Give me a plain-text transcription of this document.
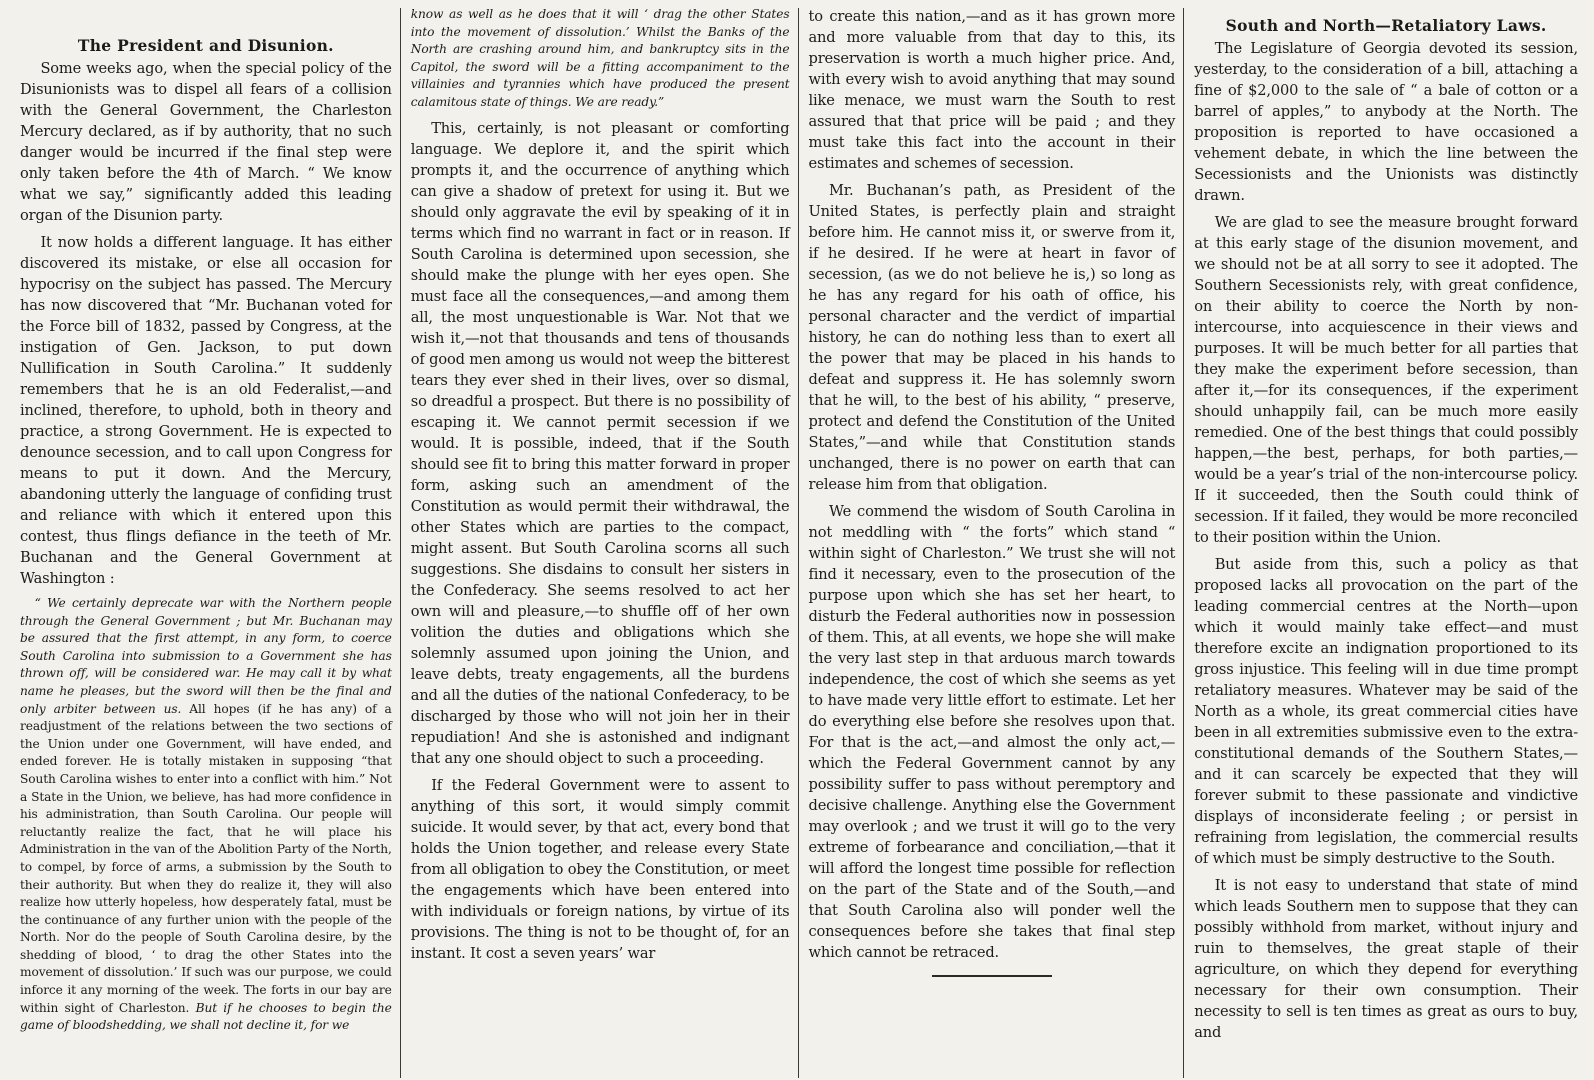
The President and Disunion.

Some weeks ago, when the special policy of the Disunionists was to dispel all fears of a collision with the General Government, the Charleston Mercury declared, as if by authority, that no such danger would be incurred if the final step were only taken before the 4th of March. “ We know what we say,” significantly added this leading organ of the Disunion party.

It now holds a different language. It has either discovered its mistake, or else all occasion for hypocrisy on the subject has passed. The Mercury has now discovered that “Mr. Buchanan voted for the Force bill of 1832, passed by Congress, at the instigation of Gen. Jackson, to put down Nullification in South Carolina.” It suddenly remembers that he is an old Federalist,—and inclined, therefore, to uphold, both in theory and practice, a strong Government. He is expected to denounce secession, and to call upon Congress for means to put it down. And the Mercury, abandoning utterly the language of confiding trust and reliance with which it entered upon this contest, thus flings defiance in the teeth of Mr. Buchanan and the General Government at Washington :

“ We certainly deprecate war with the Northern people through the General Government ; but Mr. Buchanan may be assured that the first attempt, in any form, to coerce South Carolina into submission to a Government she has thrown off, will be considered war. He may call it by what name he pleases, but the sword will then be the final and only arbiter between us. All hopes (if he has any) of a readjustment of the relations between the two sections of the Union under one Government, will have ended, and ended forever. He is totally mistaken in supposing “that South Carolina wishes to enter into a conflict with him.” Not a State in the Union, we believe, has had more confidence in his administration, than South Carolina. Our people will reluctantly realize the fact, that he will place his Administration in the van of the Abolition Party of the North, to compel, by force of arms, a submission by the South to their authority. But when they do realize it, they will also realize how utterly hopeless, how desperately fatal, must be the continuance of any further union with the people of the North. Nor do the people of South Carolina desire, by the shedding of blood, ‘ to drag the other States into the movement of dissolution.’ If such was our purpose, we could inforce it any morning of the week. The forts in our bay are within sight of Charleston. But if he chooses to begin the game of bloodshedding, we shall not decline it, for we

know as well as he does that it will ‘ drag the other States into the movement of dissolution.’ Whilst the Banks of the North are crashing around him, and bankruptcy sits in the Capitol, the sword will be a fitting accompaniment to the villainies and tyrannies which have produced the present calamitous state of things. We are ready.”

This, certainly, is not pleasant or comforting language. We deplore it, and the spirit which prompts it, and the occurrence of anything which can give a shadow of pretext for using it. But we should only aggravate the evil by speaking of it in terms which find no warrant in fact or in reason. If South Carolina is determined upon secession, she should make the plunge with her eyes open. She must face all the consequences,—and among them all, the most unquestionable is War. Not that we wish it,—not that thousands and tens of thousands of good men among us would not weep the bitterest tears they ever shed in their lives, over so dismal, so dreadful a prospect. But there is no possibility of escaping it. We cannot permit secession if we would. It is possible, indeed, that if the South should see fit to bring this matter forward in proper form, asking such an amendment of the Constitution as would permit their withdrawal, the other States which are parties to the compact, might assent. But South Carolina scorns all such suggestions. She disdains to consult her sisters in the Confederacy. She seems resolved to act her own will and pleasure,—to shuffle off of her own volition the duties and obligations which she solemnly assumed upon joining the Union, and leave debts, treaty engagements, all the burdens and all the duties of the national Confederacy, to be discharged by those who will not join her in their repudiation! And she is astonished and indignant that any one should object to such a proceeding.

If the Federal Government were to assent to anything of this sort, it would simply commit suicide. It would sever, by that act, every bond that holds the Union together, and release every State from all obligation to obey the Constitution, or meet the engagements which have been entered into with individuals or foreign nations, by virtue of its provisions. The thing is not to be thought of, for an instant. It cost a seven years’ war

to create this nation,—and as it has grown more and more valuable from that day to this, its preservation is worth a much higher price. And, with every wish to avoid anything that may sound like menace, we must warn the South to rest assured that that price will be paid ; and they must take this fact into the account in their estimates and schemes of secession.

Mr. Buchanan’s path, as President of the United States, is perfectly plain and straight before him. He cannot miss it, or swerve from it, if he desired. If he were at heart in favor of secession, (as we do not believe he is,) so long as he has any regard for his oath of office, his personal character and the verdict of impartial history, he can do nothing less than to exert all the power that may be placed in his hands to defeat and suppress it. He has solemnly sworn that he will, to the best of his ability, “ preserve, protect and defend the Constitution of the United States,”—and while that Constitution stands unchanged, there is no power on earth that can release him from that obligation.

We commend the wisdom of South Carolina in not meddling with “ the forts” which stand “ within sight of Charleston.” We trust she will not find it necessary, even to the prosecution of the purpose upon which she has set her heart, to disturb the Federal authorities now in possession of them. This, at all events, we hope she will make the very last step in that arduous march towards independence, the cost of which she seems as yet to have made very little effort to estimate. Let her do everything else before she resolves upon that. For that is the act,—and almost the only act,—which the Federal Government cannot by any possibility suffer to pass without peremptory and decisive challenge. Anything else the Government may overlook ; and we trust it will go to the very extreme of forbearance and conciliation,—that it will afford the longest time possible for reflection on the part of the State and of the South,—and that South Carolina also will ponder well the consequences before she takes that final step which cannot be retraced.

South and North—Retaliatory Laws.

The Legislature of Georgia devoted its session, yesterday, to the consideration of a bill, attaching a fine of $2,000 to the sale of “ a bale of cotton or a barrel of apples,” to anybody at the North. The proposition is reported to have occasioned a vehement debate, in which the line between the Secessionists and the Unionists was distinctly drawn.

We are glad to see the measure brought forward at this early stage of the disunion movement, and we should not be at all sorry to see it adopted. The Southern Secessionists rely, with great confidence, on their ability to coerce the North by non-intercourse, into acquiescence in their views and purposes. It will be much better for all parties that they make the experiment before secession, than after it,—for its consequences, if the experiment should unhappily fail, can be much more easily remedied. One of the best things that could possibly happen,—the best, perhaps, for both parties,—would be a year’s trial of the non-intercourse policy. If it succeeded, then the South could think of secession. If it failed, they would be more reconciled to their position within the Union.

But aside from this, such a policy as that proposed lacks all provocation on the part of the leading commercial centres at the North—upon which it would mainly take effect—and must therefore excite an indignation proportioned to its gross injustice. This feeling will in due time prompt retaliatory measures. Whatever may be said of the North as a whole, its great commercial cities have been in all extremities submissive even to the extra-constitutional demands of the Southern States,—and it can scarcely be expected that they will forever submit to these passionate and vindictive displays of inconsiderate feeling ; or persist in refraining from legislation, the commercial results of which must be simply destructive to the South.

It is not easy to understand that state of mind which leads Southern men to suppose that they can possibly withhold from market, without injury and ruin to themselves, the great staple of their agriculture, on which they depend for everything necessary for their own consumption. Their necessity to sell is ten times as great as ours to buy, and
